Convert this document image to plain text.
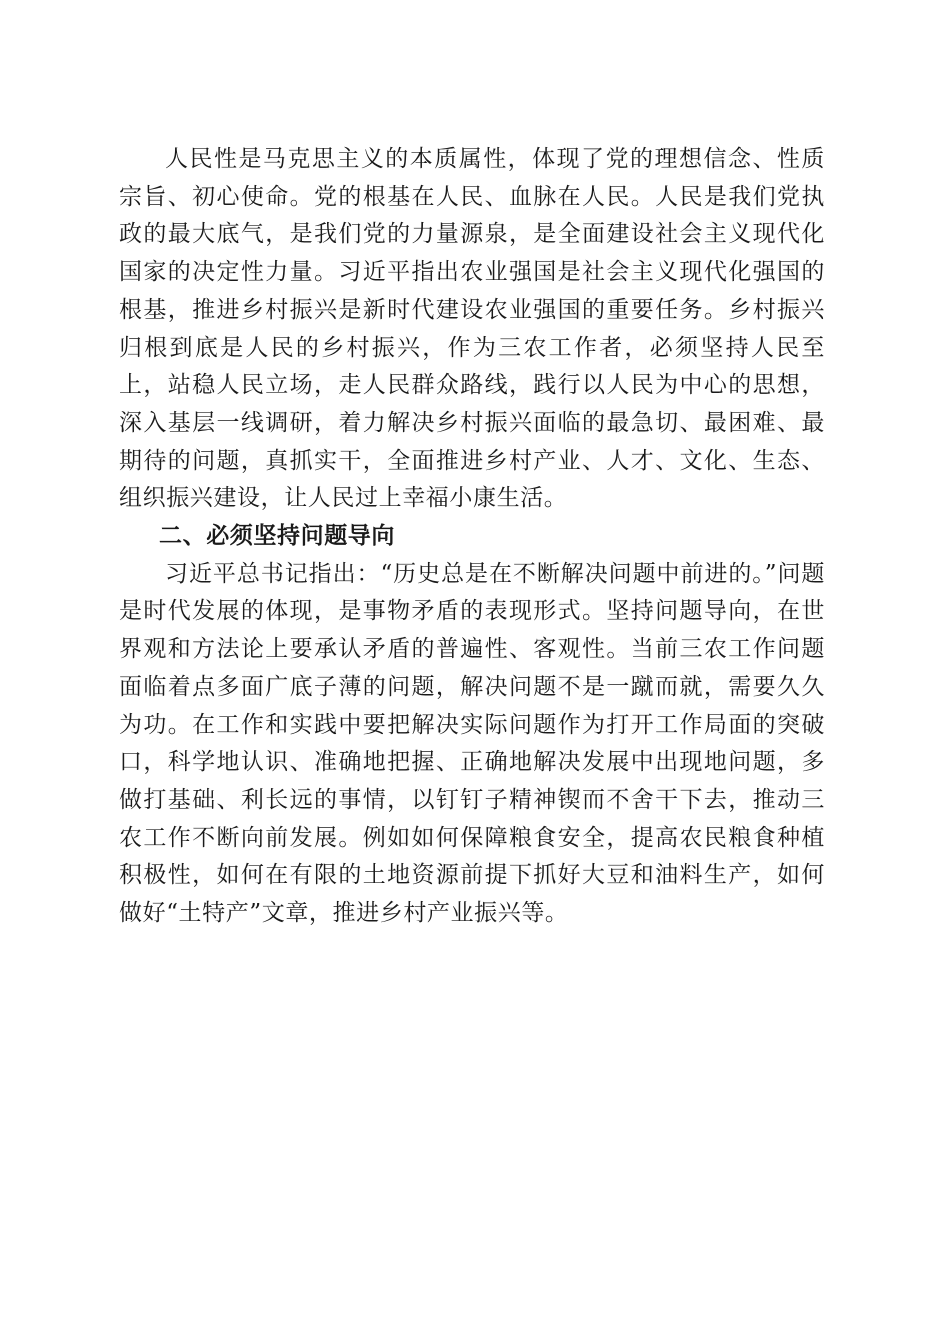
人民性是马克思主义的本质属性，体现了党的理想信念、性质宗旨、初心使命。党的根基在人民、血脉在人民。人民是我们党执政的最大底气，是我们党的力量源泉，是全面建设社会主义现代化国家的决定性力量。习近平指出农业强国是社会主义现代化强国的根基，推进乡村振兴是新时代建设农业强国的重要任务。乡村振兴归根到底是人民的乡村振兴，作为三农工作者，必须坚持人民至上，站稳人民立场，走人民群众路线，践行以人民为中心的思想，深入基层一线调研，着力解决乡村振兴面临的最急切、最困难、最期待的问题，真抓实干，全面推进乡村产业、人才、文化、生态、组织振兴建设，让人民过上幸福小康生活。

二、必须坚持问题导向

习近平总书记指出：“历史总是在不断解决问题中前进的。”问题是时代发展的体现，是事物矛盾的表现形式。坚持问题导向，在世界观和方法论上要承认矛盾的普遍性、客观性。当前三农工作问题面临着点多面广底子薄的问题，解决问题不是一蹴而就，需要久久为功。在工作和实践中要把解决实际问题作为打开工作局面的突破口，科学地认识、准确地把握、正确地解决发展中出现地问题，多做打基础、利长远的事情，以钉钉子精神锲而不舍干下去，推动三农工作不断向前发展。例如如何保障粮食安全，提高农民粮食种植积极性，如何在有限的土地资源前提下抓好大豆和油料生产，如何做好“土特产”文章，推进乡村产业振兴等。
